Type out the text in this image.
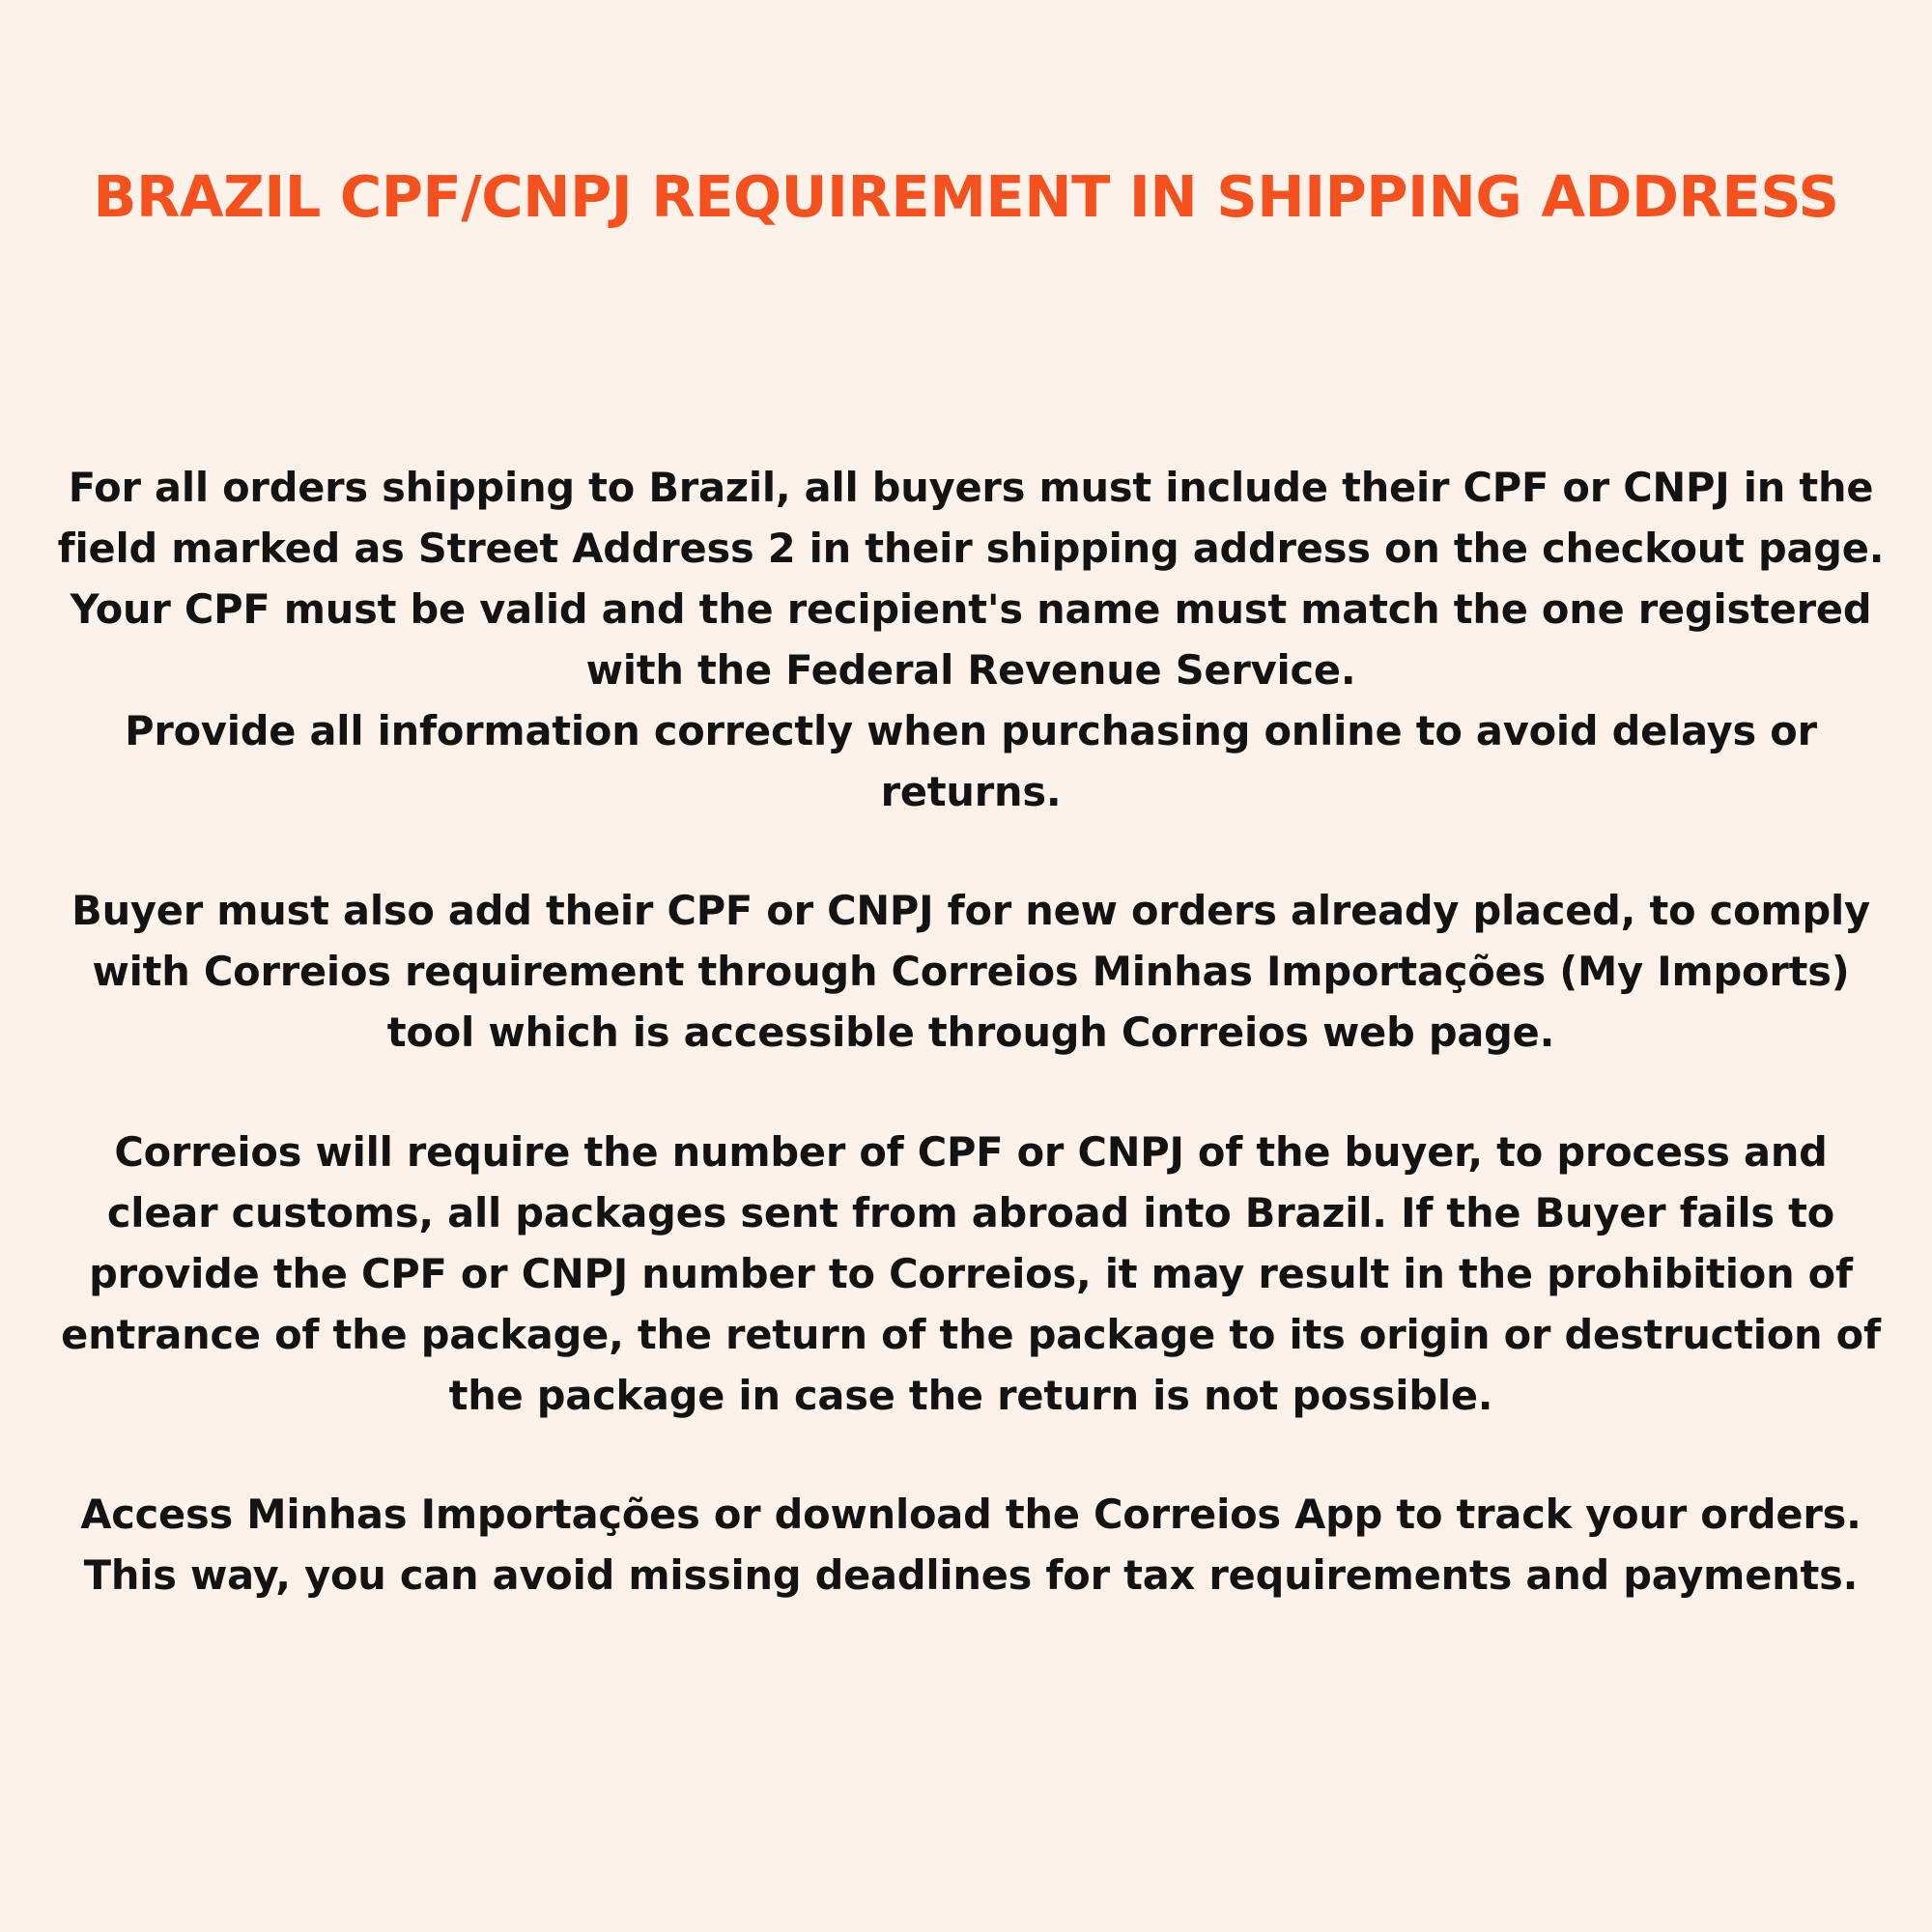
BRAZIL CPF/CNPJ REQUIREMENT IN SHIPPING ADDRESS

For all orders shipping to Brazil, all buyers must include their CPF or CNPJ in the field marked as Street Address 2 in their shipping address on the checkout page. Your CPF must be valid and the recipient's name must match the one registered with the Federal Revenue Service.

Provide all information correctly when purchasing online to avoid delays or returns.

Buyer must also add their CPF or CNPJ for new orders already placed, to comply with Correios requirement through Correios Minhas Importações (My Imports) tool which is accessible through Correios web page.

Correios will require the number of CPF or CNPJ of the buyer, to process and clear customs, all packages sent from abroad into Brazil. If the Buyer fails to provide the CPF or CNPJ number to Correios, it may result in the prohibition of entrance of the package, the return of the package to its origin or destruction of the package in case the return is not possible.

Access Minhas Importações or download the Correios App to track your orders. This way, you can avoid missing deadlines for tax requirements and payments.
